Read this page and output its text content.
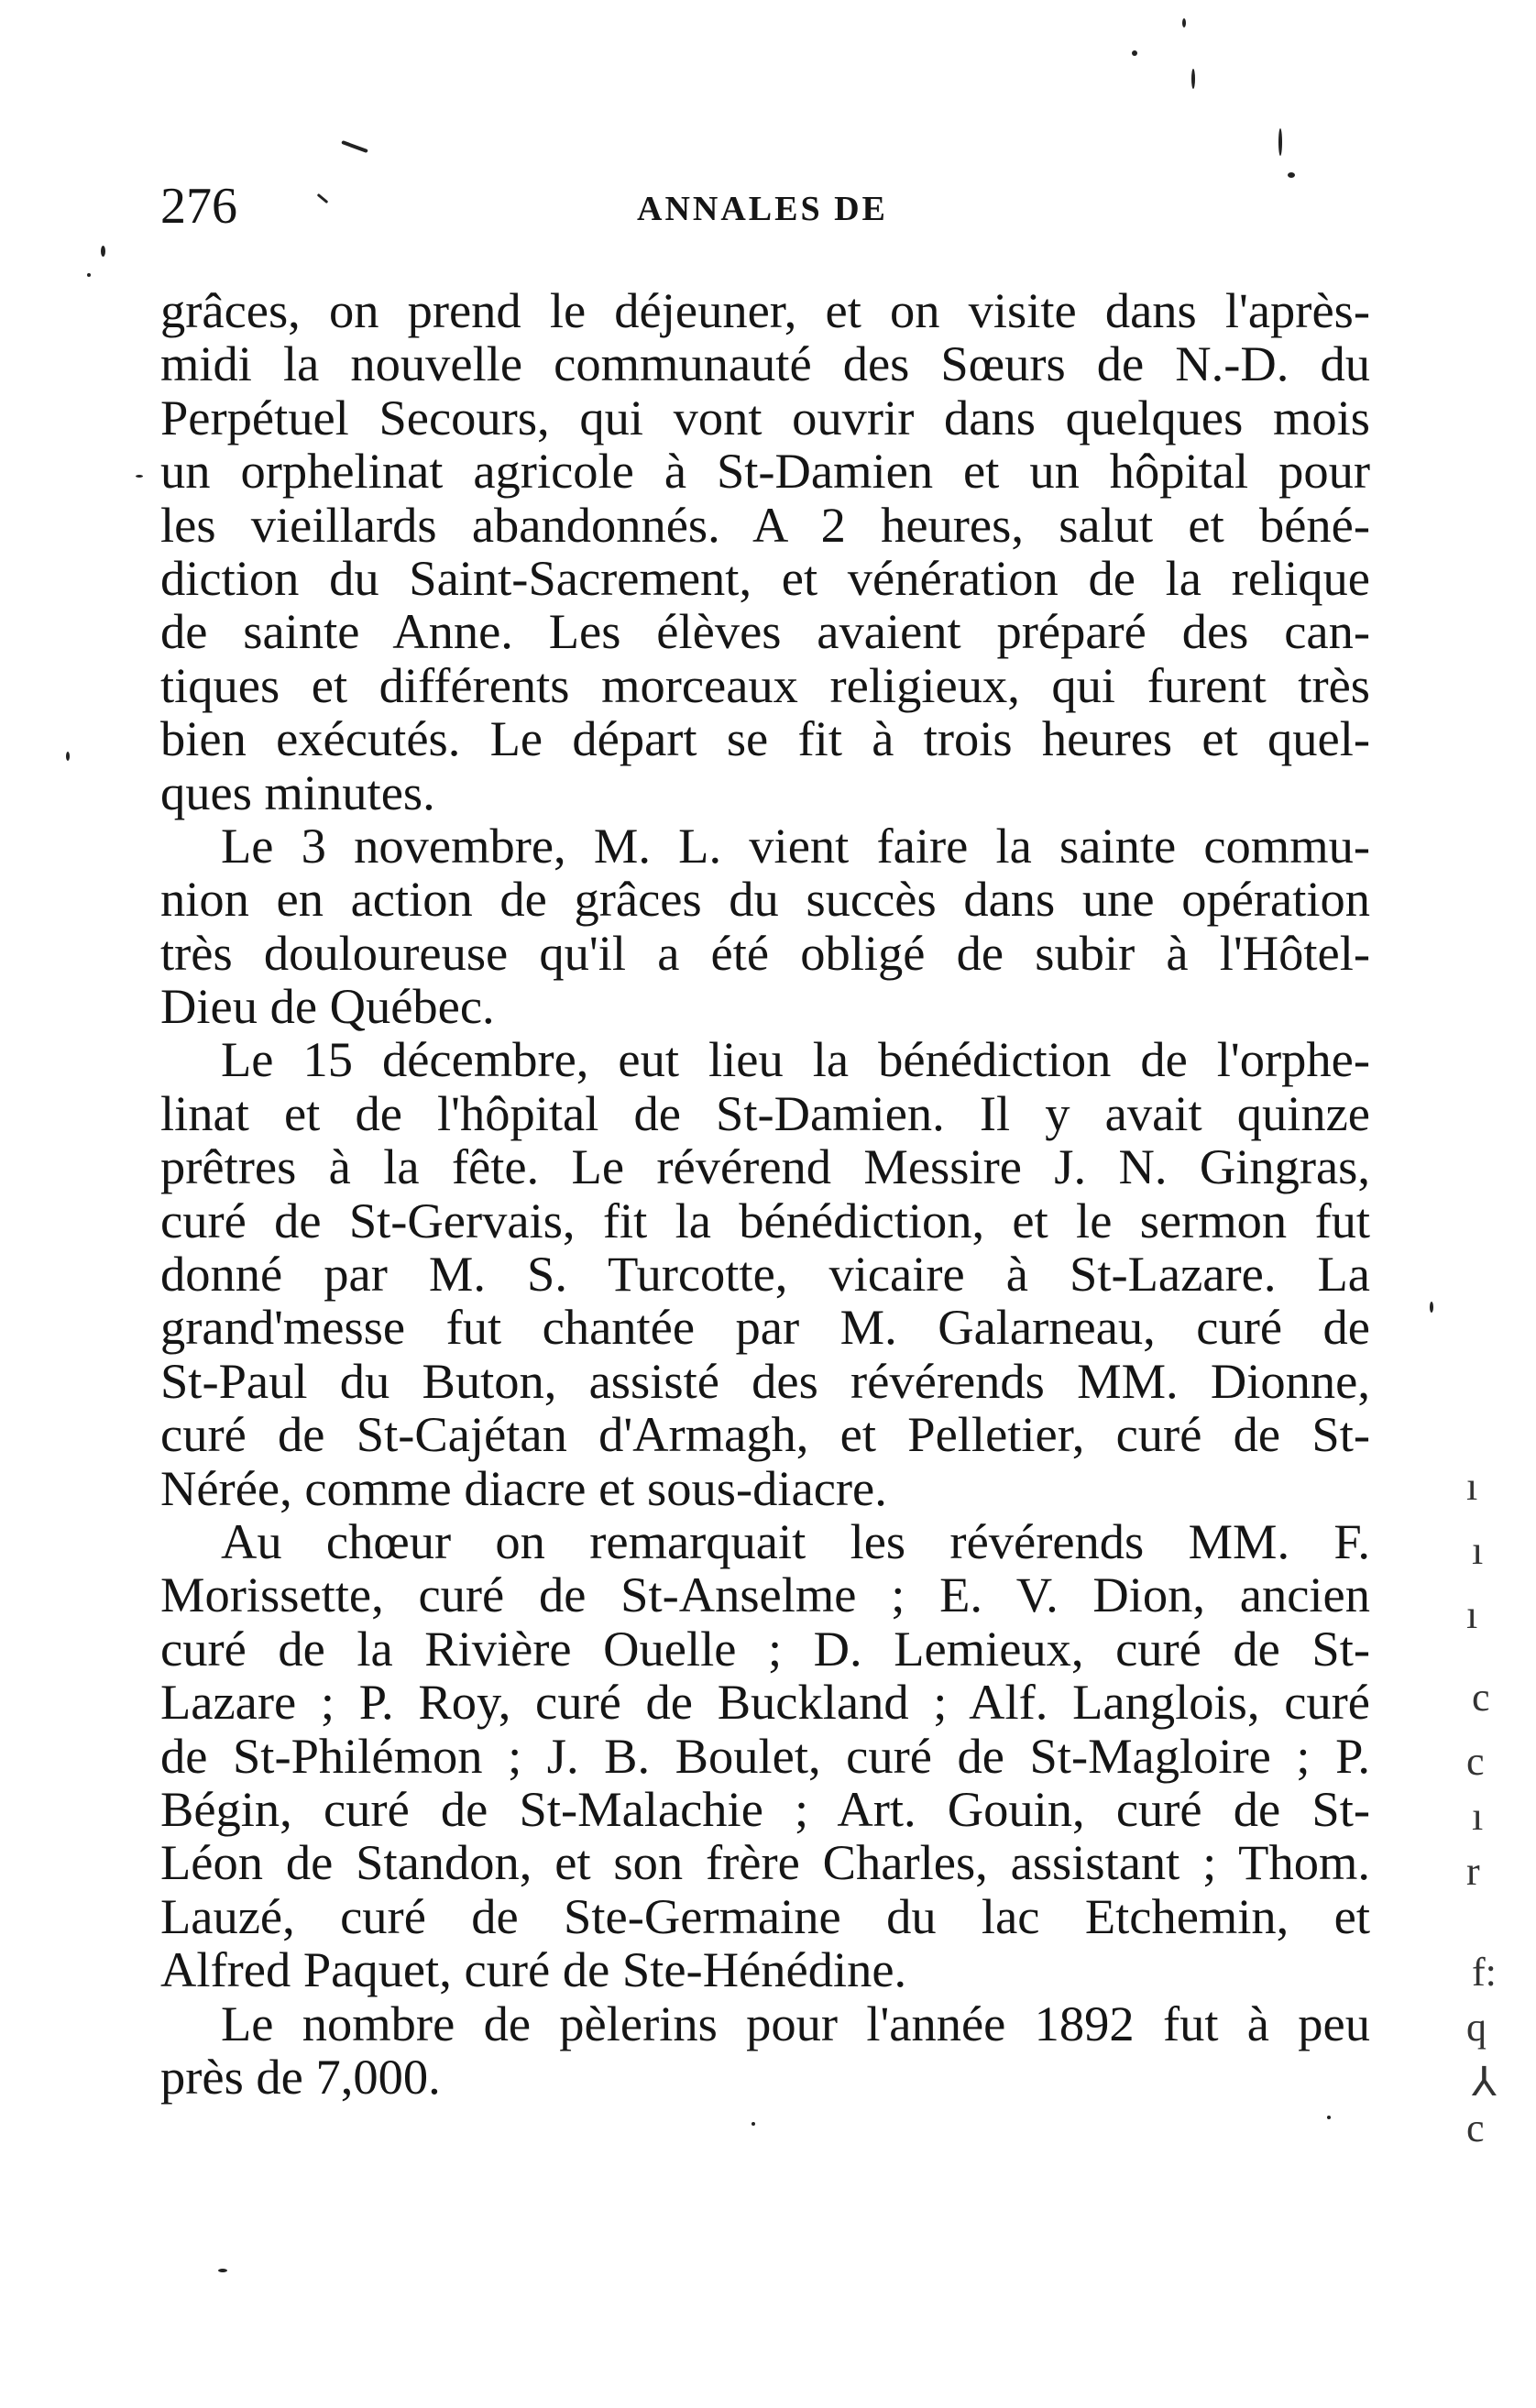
276	ANNALES DE
grâces, on prend le déjeuner, et on visite dans l'après-
midi la nouvelle communauté des Sœurs de N.-D. du
Perpétuel Secours, qui vont ouvrir dans quelques mois
un orphelinat agricole à St-Damien et un hôpital pour
les vieillards abandonnés. A 2 heures, salut et béné-
diction du Saint-Sacrement, et vénération de la relique
de sainte Anne. Les élèves avaient préparé des can-
tiques et différents morceaux religieux, qui furent très
bien exécutés. Le départ se fit à trois heures et quel-
ques minutes.
Le 3 novembre, M. L. vient faire la sainte commu-
nion en action de grâces du succès dans une opération
très douloureuse qu'il a été obligé de subir à l'Hôtel-
Dieu de Québec.
Le 15 décembre, eut lieu la bénédiction de l'orphe-
linat et de l'hôpital de St-Damien. Il y avait quinze
prêtres à la fête. Le révérend Messire J. N. Gingras,
curé de St-Gervais, fit la bénédiction, et le sermon fut
donné par M. S. Turcotte, vicaire à St-Lazare. La
grand'messe fut chantée par M. Galarneau, curé de
St-Paul du Buton, assisté des révérends MM. Dionne,
curé de St-Cajétan d'Armagh, et Pelletier, curé de St-
Nérée, comme diacre et sous-diacre.
Au chœur on remarquait les révérends MM. F.
Morissette, curé de St-Anselme ; E. V. Dion, ancien
curé de la Rivière Ouelle ; D. Lemieux, curé de St-
Lazare ; P. Roy, curé de Buckland ; Alf. Langlois, curé
de St-Philémon ; J. B. Boulet, curé de St-Magloire ; P.
Bégin, curé de St-Malachie ; Art. Gouin, curé de St-
Léon de Standon, et son frère Charles, assistant ; Thom.
Lauzé, curé de Ste-Germaine du lac Etchemin, et
Alfred Paquet, curé de Ste-Hénédine.
Le nombre de pèlerins pour l'année 1892 fut à peu
près de 7,000.
ı
ı
ı
c
c
ı
r
f:
q
⅄
c
